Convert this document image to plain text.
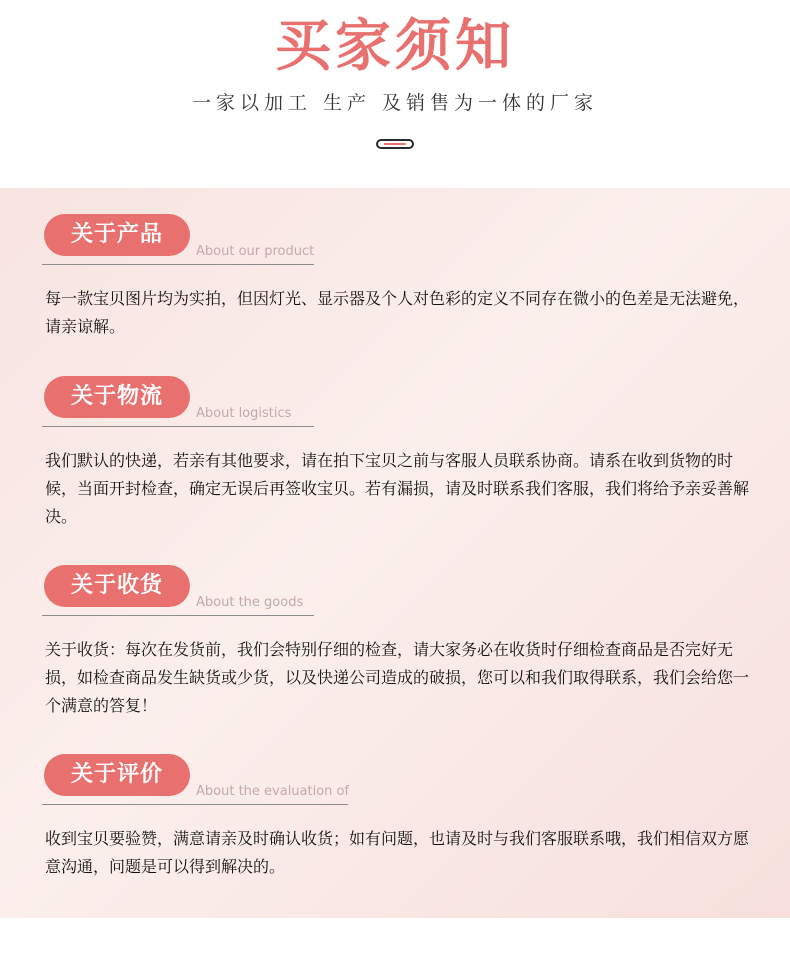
买家须知
一家以加工 生产 及销售为一体的厂家
关于产品
About our product
每一款宝贝图片均为实拍，但因灯光、显示器及个人对色彩的定义不同存在微小的色差是无法避免，请亲谅解。
关于物流
About logistics
我们默认的快递，若亲有其他要求，请在拍下宝贝之前与客服人员联系协商。请系在收到货物的时候，当面开封检查，确定无误后再签收宝贝。若有漏损，请及时联系我们客服，我们将给予亲妥善解决。
关于收货
About the goods
关于收货：每次在发货前，我们会特别仔细的检查，请大家务必在收货时仔细检查商品是否完好无损，如检查商品发生缺货或少货，以及快递公司造成的破损，您可以和我们取得联系，我们会给您一个满意的答复！
关于评价
About the evaluation of
收到宝贝要验赞，满意请亲及时确认收货；如有问题，也请及时与我们客服联系哦，我们相信双方愿意沟通，问题是可以得到解决的。
